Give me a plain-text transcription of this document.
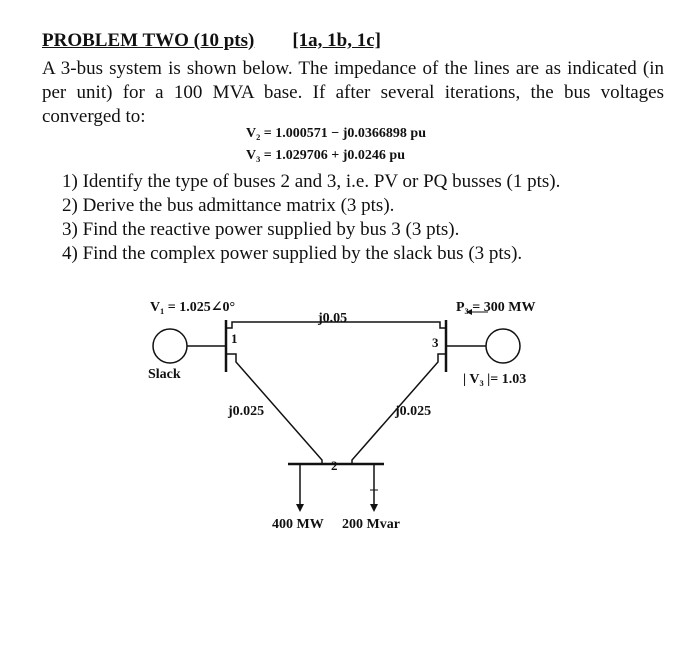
PROBLEM TWO (10 pts) [1a, 1b, 1c]
A 3-bus system is shown below. The impedance of the lines are as indicated (in per unit) for a 100 MVA base. If after several iterations, the bus voltages converged to:
V₂ = 1.000571 − j0.0366898 pu
V₃ = 1.029706 + j0.0246 pu
1) Identify the type of buses 2 and 3, i.e. PV or PQ busses (1 pts).
2) Derive the bus admittance matrix (3 pts).
3) Find the reactive power supplied by bus 3 (3 pts).
4) Find the complex power supplied by the slack bus (3 pts).
V₁ = 1.025∠0°
Slack
j0.05
j0.025	j0.025
P₃ = 300 MW
| V₃ |= 1.03
1
2
3
400 MW 200 Mvar
